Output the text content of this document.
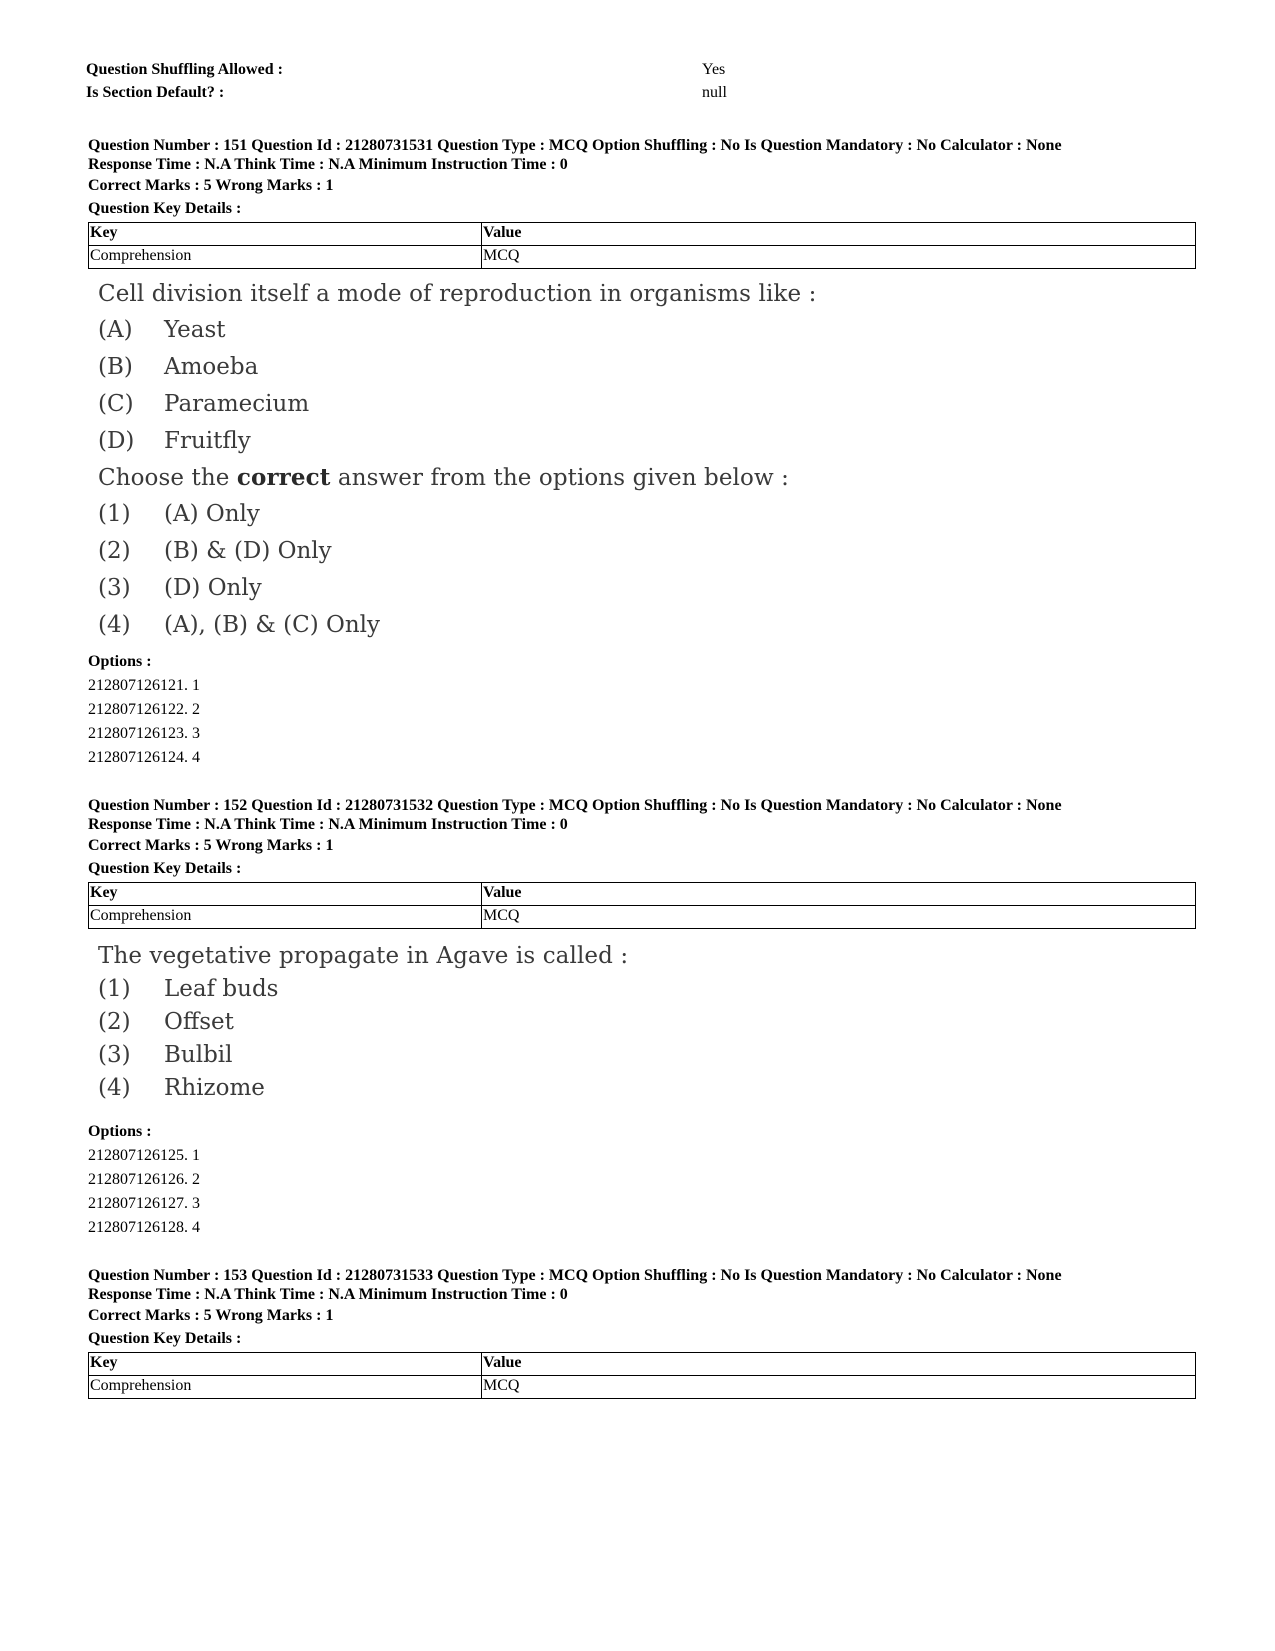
Question Shuffling Allowed :	Yes
Is Section Default? :	null
Question Number : 151 Question Id : 21280731531 Question Type : MCQ Option Shuffling : No Is Question Mandatory : No Calculator : None
Response Time : N.A Think Time : N.A Minimum Instruction Time : 0
Correct Marks : 5 Wrong Marks : 1
Question Key Details :
Key	Value
Comprehension	MCQ
Cell division itself a mode of reproduction in organisms like :
(A) Yeast
(B) Amoeba
(C) Paramecium
(D) Fruitfly
Choose the correct answer from the options given below :
(1) (A) Only
(2) (B) & (D) Only
(3) (D) Only
(4) (A), (B) & (C) Only
Options :
212807126121. 1
212807126122. 2
212807126123. 3
212807126124. 4
Question Number : 152 Question Id : 21280731532 Question Type : MCQ Option Shuffling : No Is Question Mandatory : No Calculator : None
Response Time : N.A Think Time : N.A Minimum Instruction Time : 0
Correct Marks : 5 Wrong Marks : 1
Question Key Details :
Key	Value
Comprehension	MCQ
The vegetative propagate in Agave is called :
(1) Leaf buds
(2) Offset
(3) Bulbil
(4) Rhizome
Options :
212807126125. 1
212807126126. 2
212807126127. 3
212807126128. 4
Question Number : 153 Question Id : 21280731533 Question Type : MCQ Option Shuffling : No Is Question Mandatory : No Calculator : None
Response Time : N.A Think Time : N.A Minimum Instruction Time : 0
Correct Marks : 5 Wrong Marks : 1
Question Key Details :
Key	Value
Comprehension	MCQ
